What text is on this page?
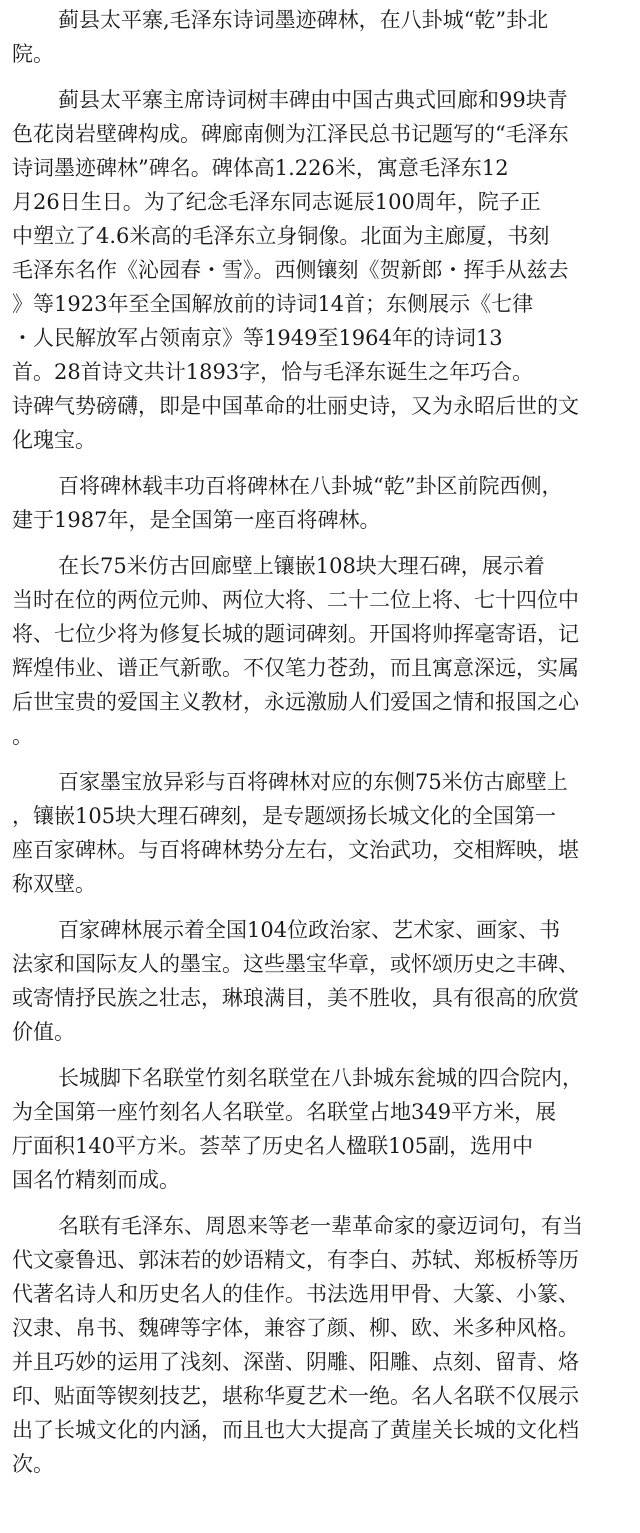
蓟县太平寨,毛泽东诗词墨迹碑林，在八卦城“乾”卦北
院。
蓟县太平寨主席诗词树丰碑由中国古典式回廊和99块青
色花岗岩壁碑构成。碑廊南侧为江泽民总书记题写的“毛泽东
诗词墨迹碑林”碑名。碑体高1.226米，寓意毛泽东12
月26日生日。为了纪念毛泽东同志诞辰100周年，院子正
中塑立了4.6米高的毛泽东立身铜像。北面为主廊厦，书刻
毛泽东名作《沁园春・雪》。西侧镶刻《贺新郎・挥手从兹去
》等1923年至全国解放前的诗词14首；东侧展示《七律
・人民解放军占领南京》等1949至1964年的诗词13
首。28首诗文共计1893字，恰与毛泽东诞生之年巧合。
诗碑气势磅礴，即是中国革命的壮丽史诗，又为永昭后世的文
化瑰宝。
百将碑林载丰功百将碑林在八卦城“乾”卦区前院西侧，
建于1987年，是全国第一座百将碑林。
在长75米仿古回廊壁上镶嵌108块大理石碑，展示着
当时在位的两位元帅、两位大将、二十二位上将、七十四位中
将、七位少将为修复长城的题词碑刻。开国将帅挥毫寄语，记
辉煌伟业、谱正气新歌。不仅笔力苍劲，而且寓意深远，实属
后世宝贵的爱国主义教材，永远激励人们爱国之情和报国之心
。
百家墨宝放异彩与百将碑林对应的东侧75米仿古廊壁上
，镶嵌105块大理石碑刻，是专题颂扬长城文化的全国第一
座百家碑林。与百将碑林势分左右，文治武功，交相辉映，堪
称双壁。
百家碑林展示着全国104位政治家、艺术家、画家、书
法家和国际友人的墨宝。这些墨宝华章，或怀颂历史之丰碑、
或寄情抒民族之壮志，琳琅满目，美不胜收，具有很高的欣赏
价值。
长城脚下名联堂竹刻名联堂在八卦城东瓮城的四合院内，
为全国第一座竹刻名人名联堂。名联堂占地349平方米，展
厅面积140平方米。荟萃了历史名人楹联105副，选用中
国名竹精刻而成。
名联有毛泽东、周恩来等老一辈革命家的豪迈词句，有当
代文豪鲁迅、郭沫若的妙语精文，有李白、苏轼、郑板桥等历
代著名诗人和历史名人的佳作。书法选用甲骨、大篆、小篆、
汉隶、帛书、魏碑等字体，兼容了颜、柳、欧、米多种风格。
并且巧妙的运用了浅刻、深凿、阴雕、阳雕、点刻、留青、烙
印、贴面等锲刻技艺，堪称华夏艺术一绝。名人名联不仅展示
出了长城文化的内涵，而且也大大提高了黄崖关长城的文化档
次。
